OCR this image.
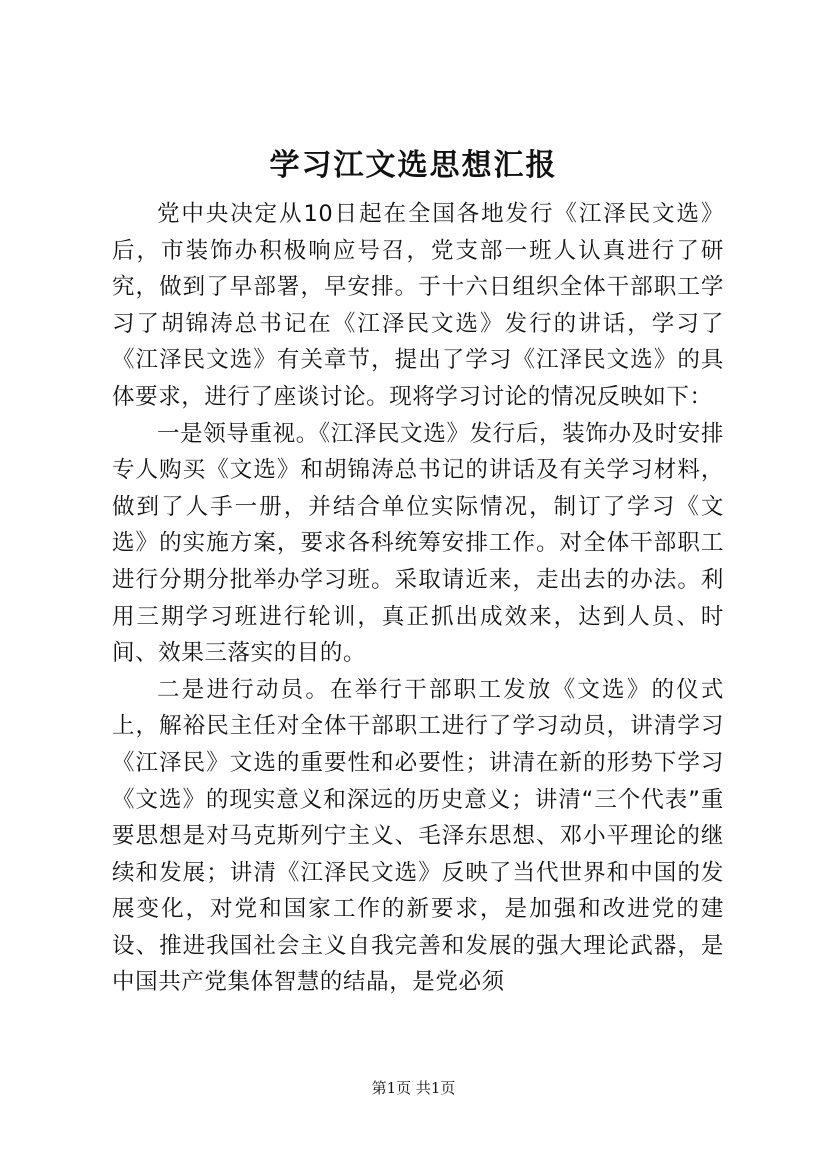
学习江文选思想汇报

党中央决定从10日起在全国各地发行《江泽民文选》后，市装饰办积极响应号召，党支部一班人认真进行了研究，做到了早部署，早安排。于十六日组织全体干部职工学习了胡锦涛总书记在《江泽民文选》发行的讲话，学习了《江泽民文选》有关章节，提出了学习《江泽民文选》的具体要求，进行了座谈讨论。现将学习讨论的情况反映如下：

一是领导重视。《江泽民文选》发行后，装饰办及时安排专人购买《文选》和胡锦涛总书记的讲话及有关学习材料，做到了人手一册，并结合单位实际情况，制订了学习《文选》的实施方案，要求各科统筹安排工作。对全体干部职工进行分期分批举办学习班。采取请近来，走出去的办法。利用三期学习班进行轮训，真正抓出成效来，达到人员、时间、效果三落实的目的。

二是进行动员。在举行干部职工发放《文选》的仪式上，解裕民主任对全体干部职工进行了学习动员，讲清学习《江泽民》文选的重要性和必要性；讲清在新的形势下学习《文选》的现实意义和深远的历史意义；讲清“三个代表”重要思想是对马克斯列宁主义、毛泽东思想、邓小平理论的继续和发展；讲清《江泽民文选》反映了当代世界和中国的发展变化，对党和国家工作的新要求，是加强和改进党的建设、推进我国社会主义自我完善和发展的强大理论武器，是中国共产党集体智慧的结晶，是党必须

第1页 共1页
